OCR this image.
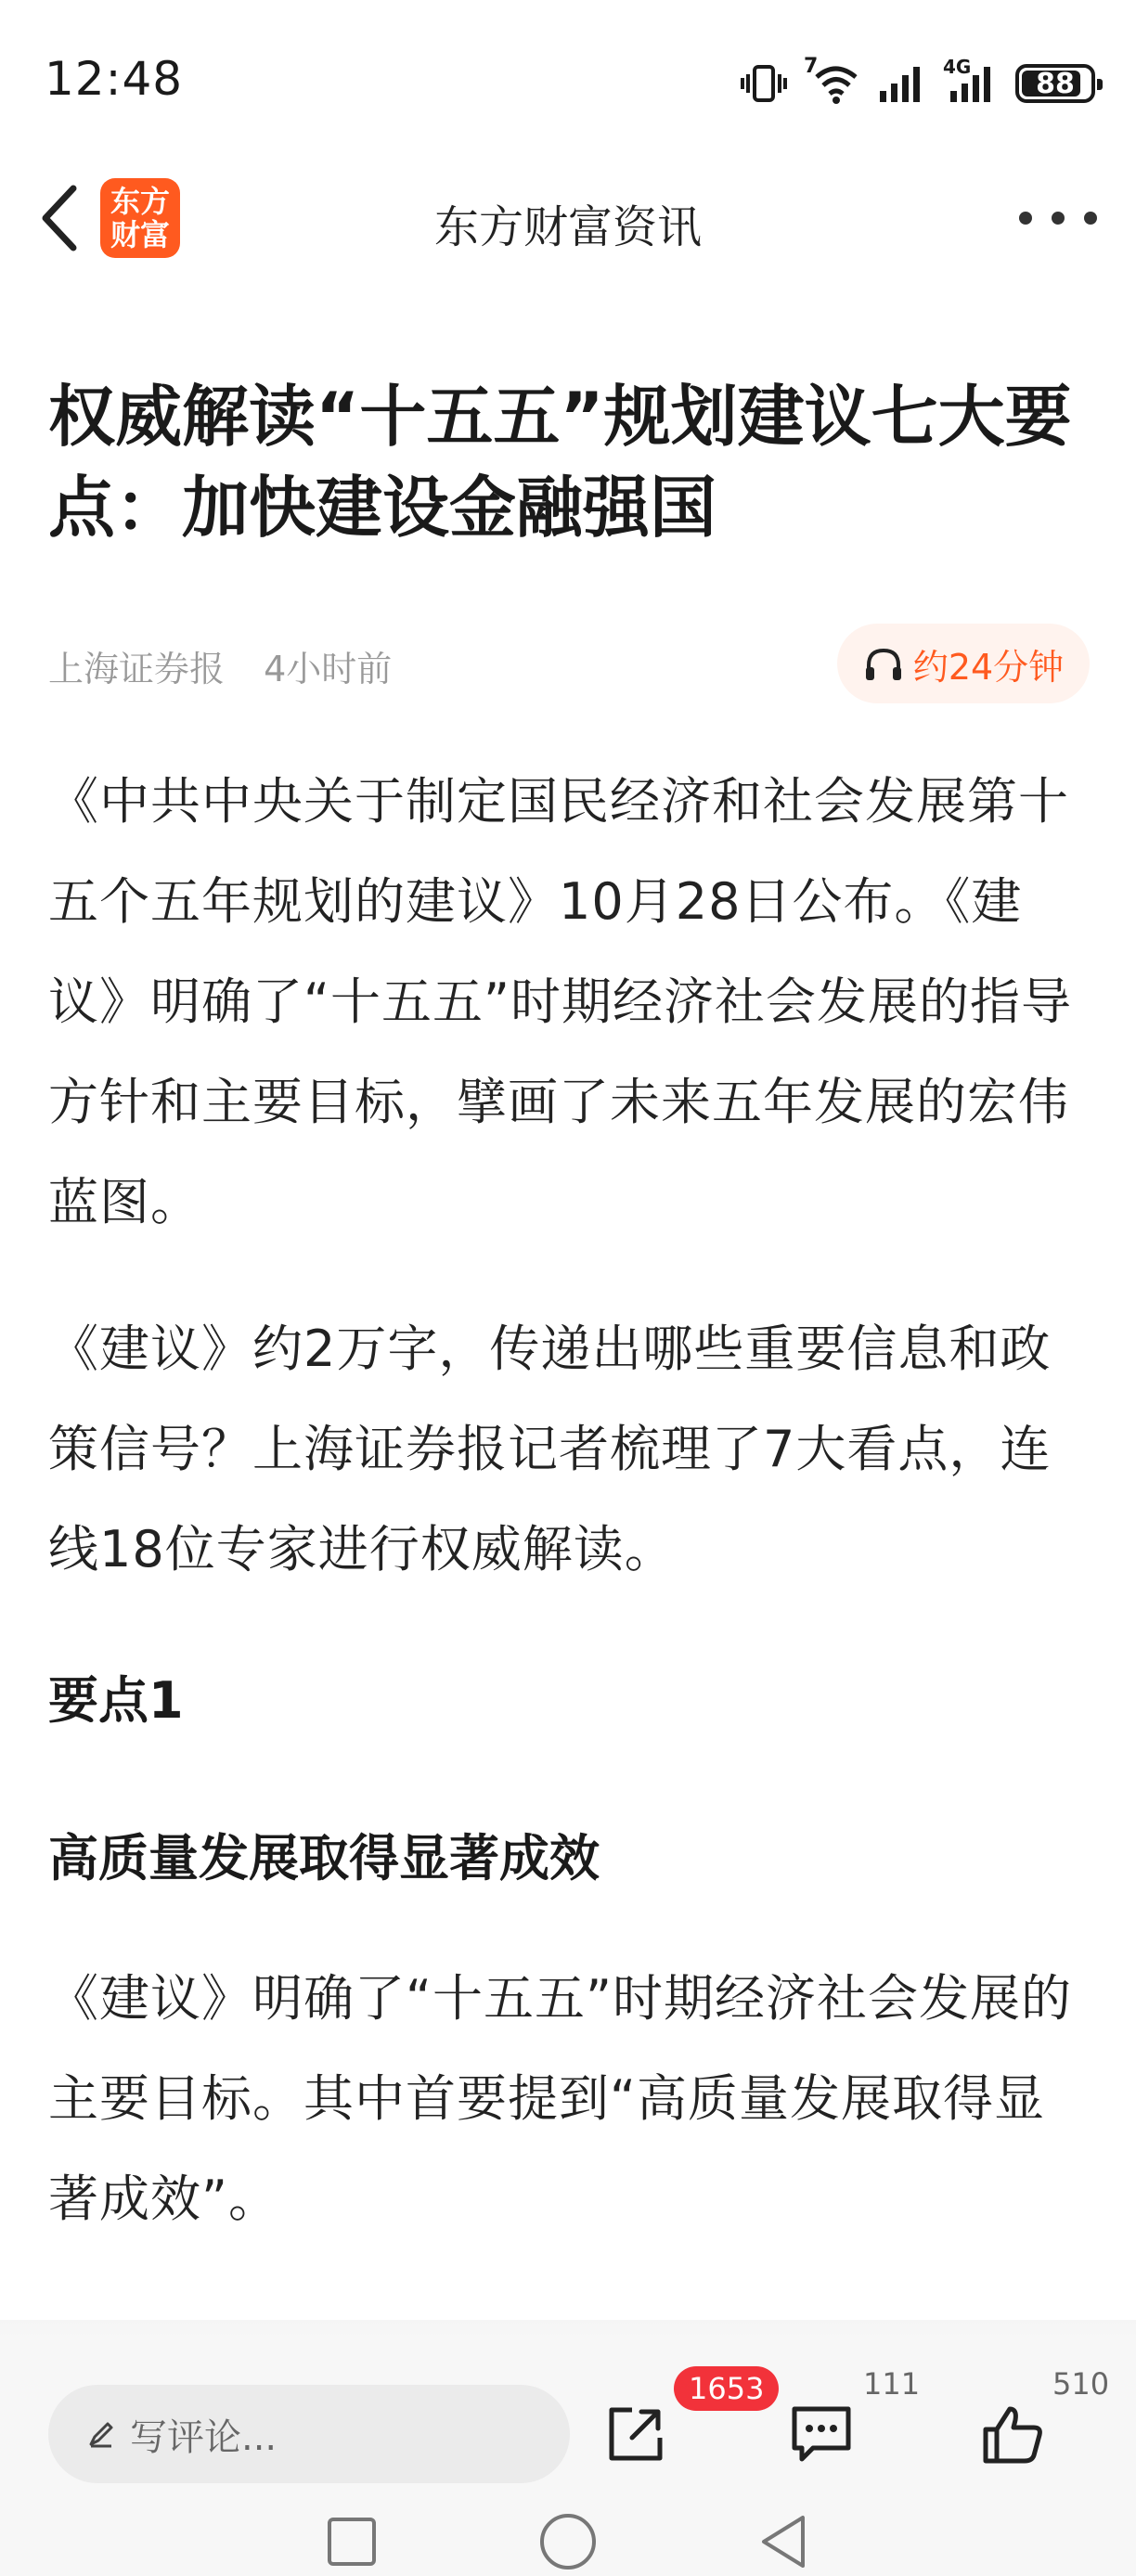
12:48	7	4G
88
东方
财富	东方财富资讯
权威解读“十五五”规划建议七大要点：加快建设金融强国
上海证券报 4小时前	约24分钟

《中共中央关于制定国民经济和社会发展第十五个五年规划的建议》10月28日公布。《建议》明确了“十五五”时期经济社会发展的指导方针和主要目标，擘画了未来五年发展的宏伟蓝图。

《建议》约2万字，传递出哪些重要信息和政策信号？上海证券报记者梳理了7大看点，连线18位专家进行权威解读。

要点1
高质量发展取得显著成效

《建议》明确了“十五五”时期经济社会发展的主要目标。其中首要提到“高质量发展取得显著成效”。

写评论...
1653	111	510
